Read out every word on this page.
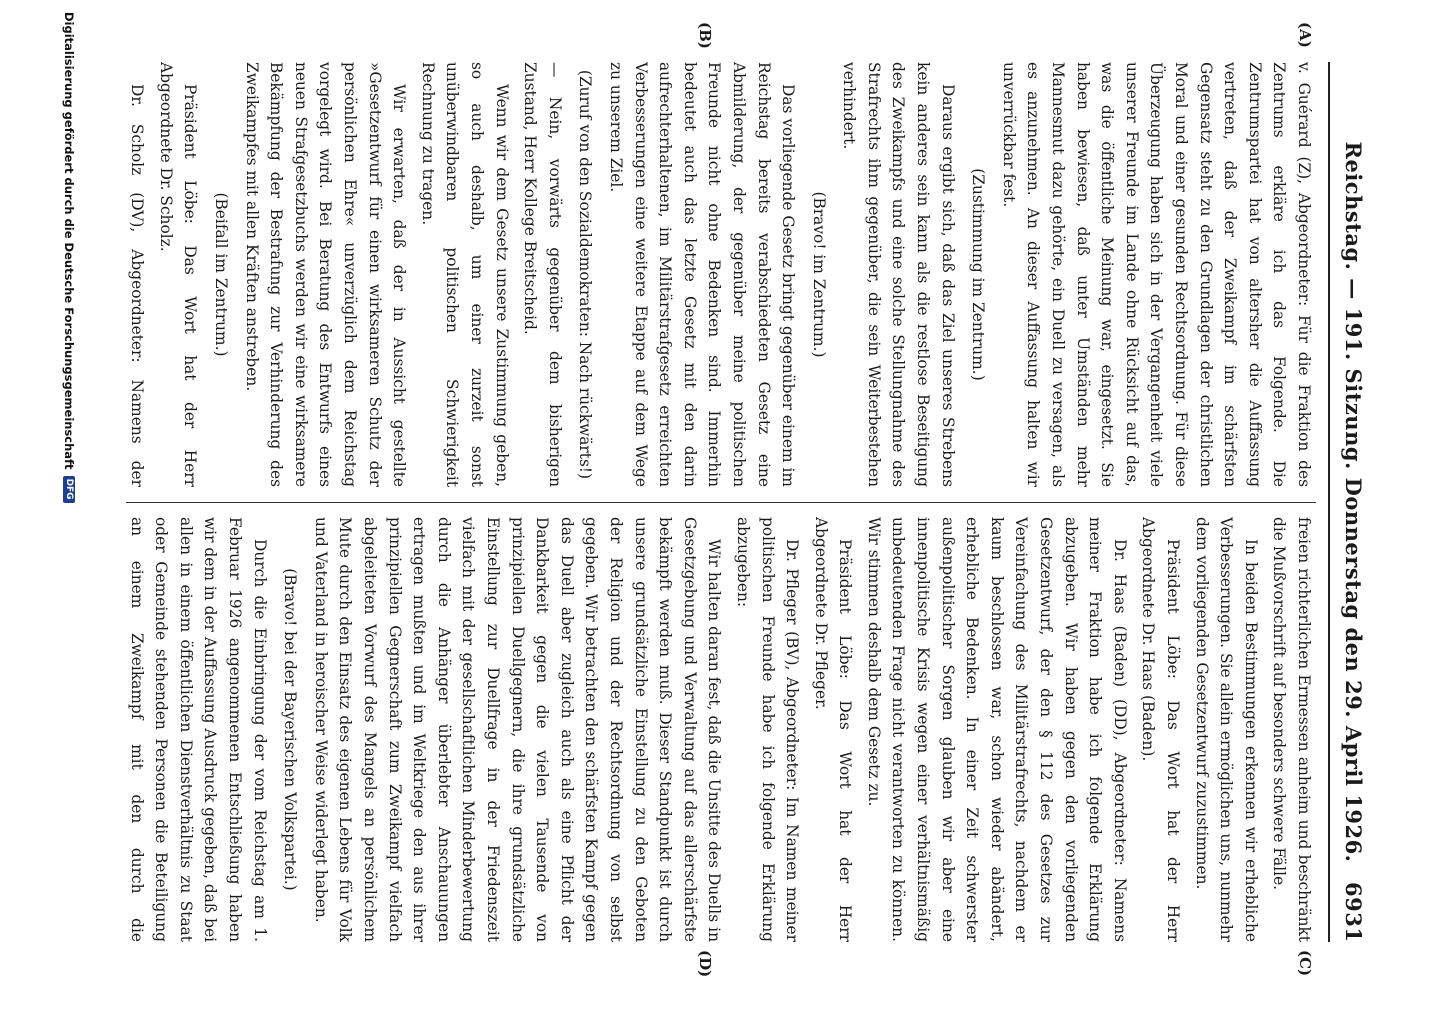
Reichstag. — 191. Sitzung. Donnerstag den 29. April 1926.
6931

v. Guérard (Z), Abgeordneter: Für die Fraktion des Zentrums erkläre ich das Folgende. Die Zentrumspartei hat von altersher die Auffassung vertreten, daß der Zweikampf im schärfsten Gegensatz steht zu den Grundlagen der christlichen Moral und einer gesunden Rechtsordnung. Für diese Überzeugung haben sich in der Vergangenheit viele unserer Freunde im Lande ohne Rücksicht auf das, was die öffentliche Meinung war, eingesetzt. Sie haben bewiesen, daß unter Umständen mehr Mannesmut dazu gehörte, ein Duell zu versagen, als es anzunehmen. An dieser Auffassung halten wir unverrückbar fest.

(Zustimmung im Zentrum.)

Daraus ergibt sich, daß das Ziel unseres Strebens kein anderes sein kann als die restlose Beseitigung des Zweikampfs und eine solche Stellungnahme des Strafrechts ihm gegenüber, die sein Weiterbestehen verhindert.

(Bravo! im Zentrum.)

Das vorliegende Gesetz bringt gegenüber einem im Reichstag bereits verabschiedeten Gesetz eine Abmilderung, der gegenüber meine politischen Freunde nicht ohne Bedenken sind. Immerhin bedeutet auch das letzte Gesetz mit den darin aufrechterhaltenen, im Militärstrafgesetz erreichten Verbesserungen eine weitere Etappe auf dem Wege zu unserem Ziel.

(Zuruf von den Sozialdemokraten: Nach rückwärts!)

— Nein, vorwärts gegenüber dem bisherigen Zustand, Herr Kollege Breitscheid.

Wenn wir dem Gesetz unsere Zustimmung geben, so auch deshalb, um einer zurzeit sonst unüberwindbaren politischen Schwierigkeit Rechnung zu tragen.

Wir erwarten, daß der in Aussicht gestellte »Gesetzentwurf für einen wirksameren Schutz der persönlichen Ehre« unverzüglich dem Reichstag vorgelegt wird. Bei Beratung des Entwurfs eines neuen Strafgesetzbuchs werden wir eine wirksamere Bekämpfung der Bestrafung zur Verhinderung des Zweikampfes mit allen Kräften anstreben.

(Beifall im Zentrum.)

Präsident Löbe: Das Wort hat der Herr Abgeordnete Dr. Scholz.

Dr. Scholz (DV), Abgeordneter: Namens der

freien richterlichen Ermessen anheim und beschränkt die Mußvorschrift auf besonders schwere Fälle.

In beiden Bestimmungen erkennen wir erhebliche Verbesserungen. Sie allein ermöglichen uns, nunmehr dem vorliegenden Gesetzentwurf zuzustimmen.

Präsident Löbe: Das Wort hat der Herr Abgeordnete Dr. Haas (Baden).

Dr. Haas (Baden) (DD), Abgeordneter: Namens meiner Fraktion habe ich folgende Erklärung abzugeben. Wir haben gegen den vorliegenden Gesetzentwurf, der den § 112 des Gesetzes zur Vereinfachung des Militärstrafrechts, nachdem er kaum beschlossen war, schon wieder abändert, erhebliche Bedenken. In einer Zeit schwerster außenpolitischer Sorgen glauben wir aber eine innenpolitische Krisis wegen einer verhältnismäßig unbedeutenden Frage nicht verantworten zu können. Wir stimmen deshalb dem Gesetz zu.

Präsident Löbe: Das Wort hat der Herr Abgeordnete Dr. Pfleger.

Dr. Pfleger (BV), Abgeordneter: Im Namen meiner politischen Freunde habe ich folgende Erklärung abzugeben:

Wir halten daran fest, daß die Unsitte des Duells in Gesetzgebung und Verwaltung auf das allerschärfste bekämpft werden muß. Dieser Standpunkt ist durch unsere grundsätzliche Einstellung zu den Geboten der Religion und der Rechtsordnung von selbst gegeben. Wir betrachten den schärfsten Kampf gegen das Duell aber zugleich auch als eine Pflicht der Dankbarkeit gegen die vielen Tausende von prinzipiellen Duellgegnern, die ihre grundsätzliche Einstellung zur Duellfrage in der Friedenszeit vielfach mit der gesellschaftlichen Minderbewertung durch die Anhänger überlebter Anschauungen ertragen mußten und im Weltkriege den aus ihrer prinzipiellen Gegnerschaft zum Zweikampf vielfach abgeleiteten Vorwurf des Mangels an persönlichem Mute durch den Einsatz des eigenen Lebens für Volk und Vaterland in heroischer Weise widerlegt haben.

(Bravo! bei der Bayerischen Volkspartei.)

Durch die Einbringung der vom Reichstag am 1. Februar 1926 angenommenen Entschließung haben wir dem in der Auffassung Ausdruck gegeben, daß bei allen in einem öffentlichen Dienstverhältnis zu Staat oder Gemeinde stehenden Personen die Beteiligung an einem Zweikampf mit den durch die

(A)
(B)
(C)
(D)
Digitalisierung gefördert durch die Deutsche Forschungsgemeinschaft
DFG
